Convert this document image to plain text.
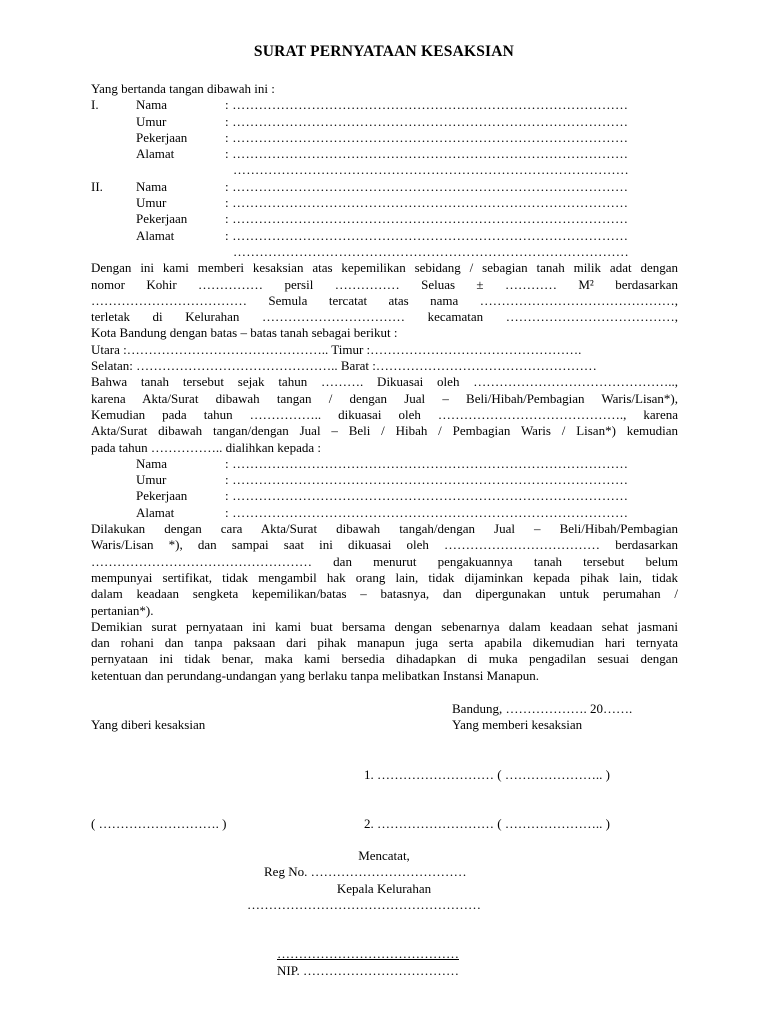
SURAT PERNYATAAN KESAKSIAN
Yang bertanda tangan dibawah ini :
I.	Nama	: ………………………………………………………………………………
Umur	: ………………………………………………………………………………
Pekerjaan	: ………………………………………………………………………………
Alamat	: ………………………………………………………………………………
………………………………………………………………………………
II.	Nama	: ………………………………………………………………………………
Umur	: ………………………………………………………………………………
Pekerjaan	: ………………………………………………………………………………
Alamat	: ………………………………………………………………………………
………………………………………………………………………………
Dengan ini kami memberi kesaksian atas kepemilikan sebidang / sebagian tanah milik adat dengan
nomor Kohir …………… persil …………… Seluas ± ………… M² berdasarkan
……………………………… Semula tercatat atas nama ………………………………………,
terletak di Kelurahan …………………………… kecamatan …………………………………,
Kota Bandung dengan batas – batas tanah sebagai berikut :
Utara :……………………………………….. Timur :………………………………………….
Selatan: ……………………………………….. Barat :……………………………………………
Bahwa tanah tersebut sejak tahun ………. Dikuasai oleh ………………………………………..,
karena Akta/Surat dibawah tangan / dengan Jual – Beli/Hibah/Pembagian Waris/Lisan*),
Kemudian pada tahun …………….. dikuasai oleh ……………………………………., karena
Akta/Surat dibawah tangan/dengan Jual – Beli / Hibah / Pembagian Waris / Lisan*) kemudian
pada tahun …………….. dialihkan kepada :
Nama	: ………………………………………………………………………………
Umur	: ………………………………………………………………………………
Pekerjaan	: ………………………………………………………………………………
Alamat	: ………………………………………………………………………………
Dilakukan dengan cara Akta/Surat dibawah tangah/dengan Jual – Beli/Hibah/Pembagian
Waris/Lisan *), dan sampai saat ini dikuasai oleh ……………………………… berdasarkan
…………………………………………… dan menurut pengakuannya tanah tersebut belum
mempunyai sertifikat, tidak mengambil hak orang lain, tidak dijaminkan kepada pihak lain, tidak
dalam keadaan sengketa kepemilikan/batas – batasnya, dan dipergunakan untuk perumahan /
pertanian*).
Demikian surat pernyataan ini kami buat bersama dengan sebenarnya dalam keadaan sehat jasmani
dan rohani dan tanpa paksaan dari pihak manapun juga serta apabila dikemudian hari ternyata
pernyataan ini tidak benar, maka kami bersedia dihadapkan di muka pengadilan sesuai dengan
ketentuan dan perundang-undangan yang berlaku tanpa melibatkan Instansi Manapun.
Bandung, ………………. 20…….
Yang diberi kesaksian	Yang memberi kesaksian
1. ……………………… ( ………………….. )
( ………………………. )	2. ……………………… ( ………………….. )
Mencatat,
Reg No. ………………………………
Kepala Kelurahan
………………………………………………
……………………………………
NIP. ………………………………
